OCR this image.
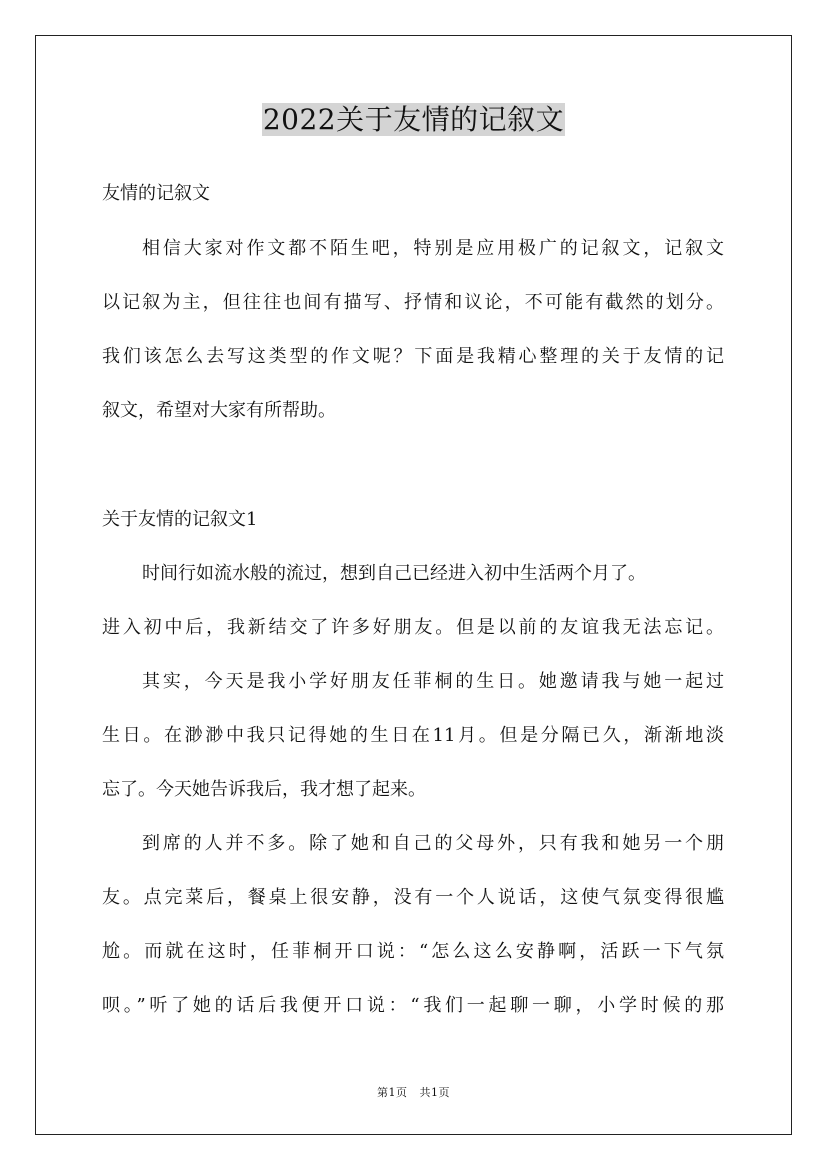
2022关于友情的记叙文
友情的记叙文
相信大家对作文都不陌生吧，特别是应用极广的记叙文，记叙文
以记叙为主，但往往也间有描写、抒情和议论，不可能有截然的划分。
我们该怎么去写这类型的作文呢？下面是我精心整理的关于友情的记
叙文，希望对大家有所帮助。
关于友情的记叙文1
时间行如流水般的流过，想到自己已经进入初中生活两个月了。
进入初中后，我新结交了许多好朋友。但是以前的友谊我无法忘记。
其实，今天是我小学好朋友任菲桐的生日。她邀请我与她一起过
生日。在渺渺中我只记得她的生日在11月。但是分隔已久，渐渐地淡
忘了。今天她告诉我后，我才想了起来。
到席的人并不多。除了她和自己的父母外，只有我和她另一个朋
友。点完菜后，餐桌上很安静，没有一个人说话，这使气氛变得很尴
尬。而就在这时，任菲桐开口说：“怎么这么安静啊，活跃一下气氛
呗。”听了她的话后我便开口说：“我们一起聊一聊，小学时候的那
第1页 共1页
